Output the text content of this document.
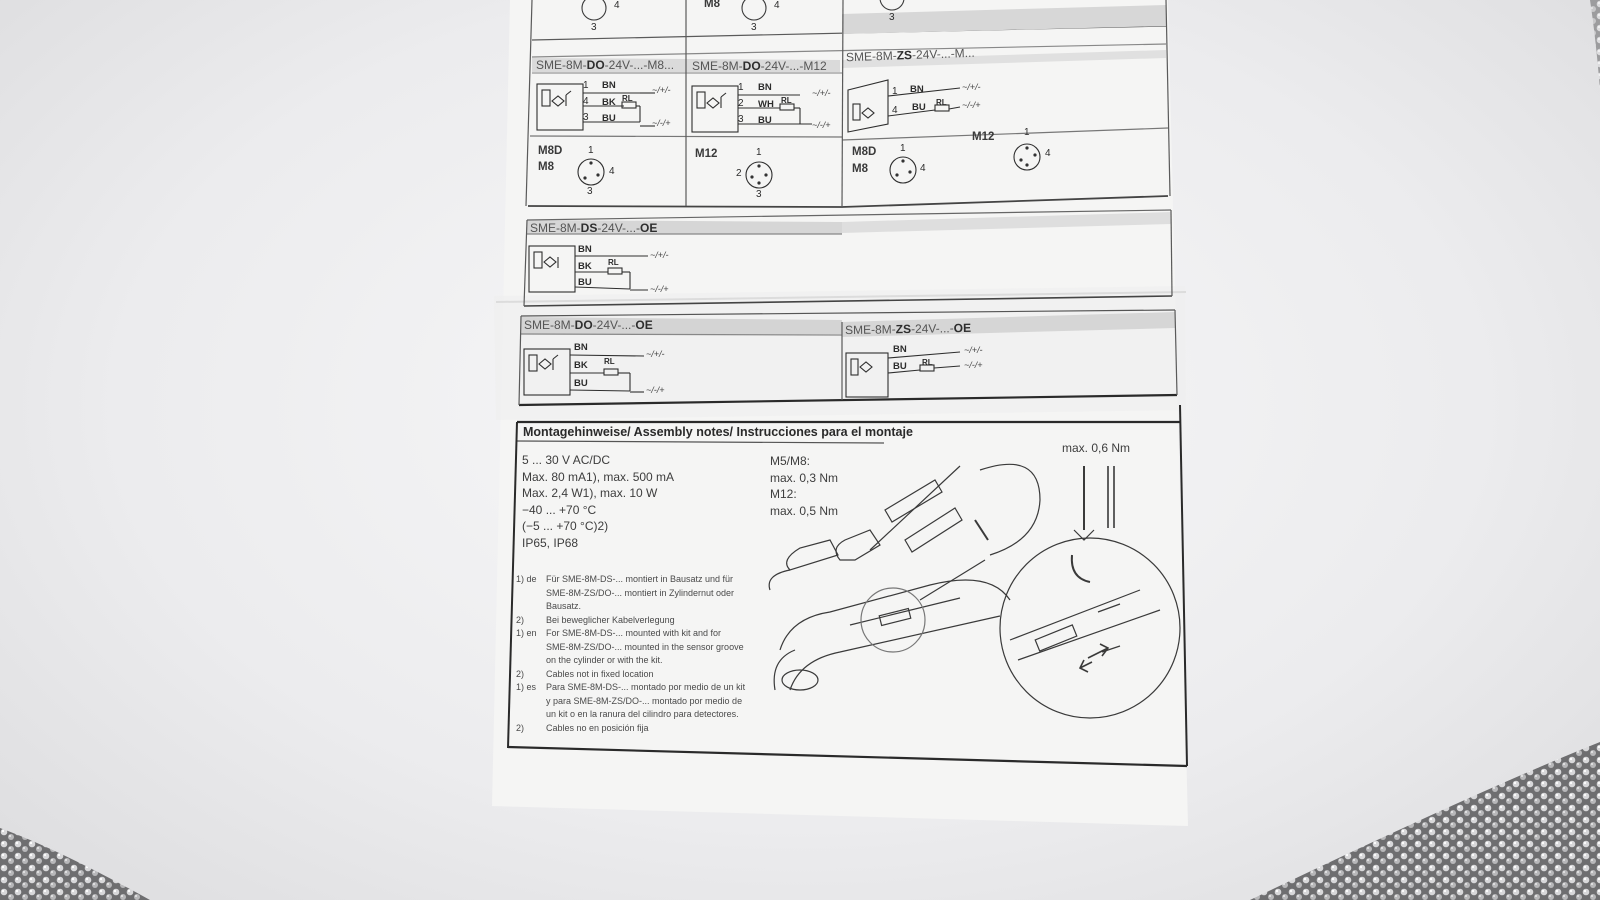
4	M8	4
3	3
3
SME-8M-DO-24V-...-M8... SME-8M-DO-24V-...-M12
SME-8M-ZS-24V-...-M...
1 BN	~/+/-
4 BK RL
3 BU	~/-/+
M8D
M8
1
4
3
1 BN	~/+/-
2 WH RL
3 BU	~/-/+
M12	1
2
3
1 BN	~/+/-
4 BU RL ~/-/+
M8D
M8
1
4
M12	1
4
SME-8M-DS-24V-...-OE
BN	~/+/-
BK RL
BU
~/-/+
SME-8M-DO-24V-...-OE
BN
~/+/-
BK RL
BU
~/-/+
SME-8M-ZS-24V-...-OE
BN	~/+/-
BU RL	~/-/+
Montagehinweise/ Assembly notes/ Instrucciones para el montaje
5 ... 30 V AC/DC
Max. 80 mA1), max. 500 mA
Max. 2,4 W1), max. 10 W
−40 ... +70 °C
(−5 ... +70 °C)2)
IP65, IP68
M5/M8:
max. 0,3 Nm
M12:
max. 0,5 Nm
max. 0,6 Nm
1) de	Für SME-8M-DS-... montiert in Bausatz und für
SME-8M-ZS/DO-... montiert in Zylindernut oder
Bausatz.
2)	Bei beweglicher Kabelverlegung
1) en	For SME-8M-DS-... mounted with kit and for
SME-8M-ZS/DO-... mounted in the sensor groove
on the cylinder or with the kit.
2)	Cables not in fixed location
1) es	Para SME-8M-DS-... montado por medio de un kit
y para SME-8M-ZS/DO-... montado por medio de
un kit o en la ranura del cilindro para detectores.
2)	Cables no en posición fija
